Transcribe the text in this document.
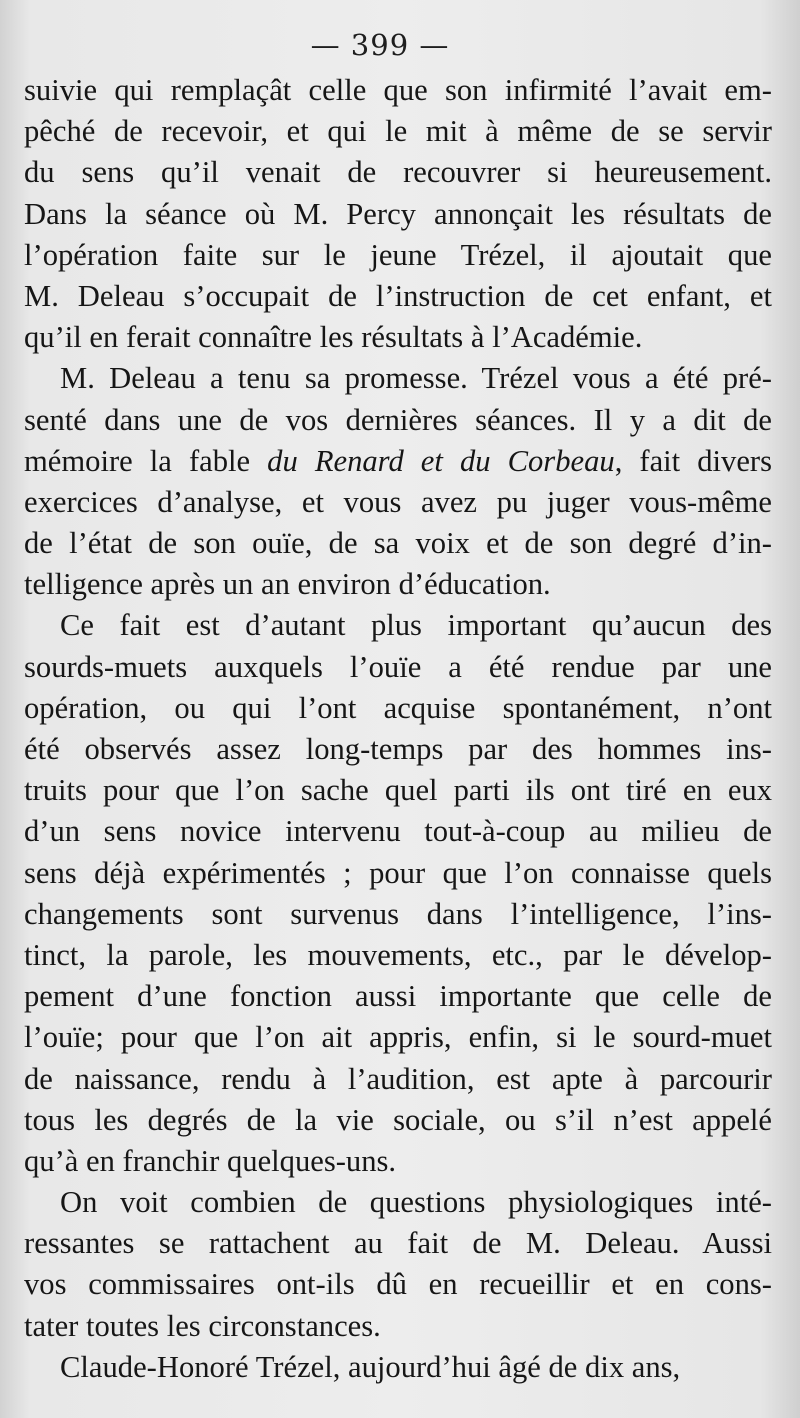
— 399 —
suivie qui remplaçât celle que son infirmité l’avait em-
pêché de recevoir, et qui le mit à même de se servir
du sens qu’il venait de recouvrer si heureusement.
Dans la séance où M. Percy annonçait les résultats de
l’opération faite sur le jeune Trézel, il ajoutait que
M. Deleau s’occupait de l’instruction de cet enfant, et
qu’il en ferait connaître les résultats à l’Académie.
M. Deleau a tenu sa promesse. Trézel vous a été pré-
senté dans une de vos dernières séances. Il y a dit de
mémoire la fable du Renard et du Corbeau, fait divers
exercices d’analyse, et vous avez pu juger vous-même
de l’état de son ouïe, de sa voix et de son degré d’in-
telligence après un an environ d’éducation.
Ce fait est d’autant plus important qu’aucun des
sourds-muets auxquels l’ouïe a été rendue par une
opération, ou qui l’ont acquise spontanément, n’ont
été observés assez long-temps par des hommes ins-
truits pour que l’on sache quel parti ils ont tiré en eux
d’un sens novice intervenu tout-à-coup au milieu de
sens déjà expérimentés ; pour que l’on connaisse quels
changements sont survenus dans l’intelligence, l’ins-
tinct, la parole, les mouvements, etc., par le dévelop-
pement d’une fonction aussi importante que celle de
l’ouïe; pour que l’on ait appris, enfin, si le sourd-muet
de naissance, rendu à l’audition, est apte à parcourir
tous les degrés de la vie sociale, ou s’il n’est appelé
qu’à en franchir quelques-uns.
On voit combien de questions physiologiques inté-
ressantes se rattachent au fait de M. Deleau. Aussi
vos commissaires ont-ils dû en recueillir et en cons-
tater toutes les circonstances.
Claude-Honoré Trézel, aujourd’hui âgé de dix ans,
